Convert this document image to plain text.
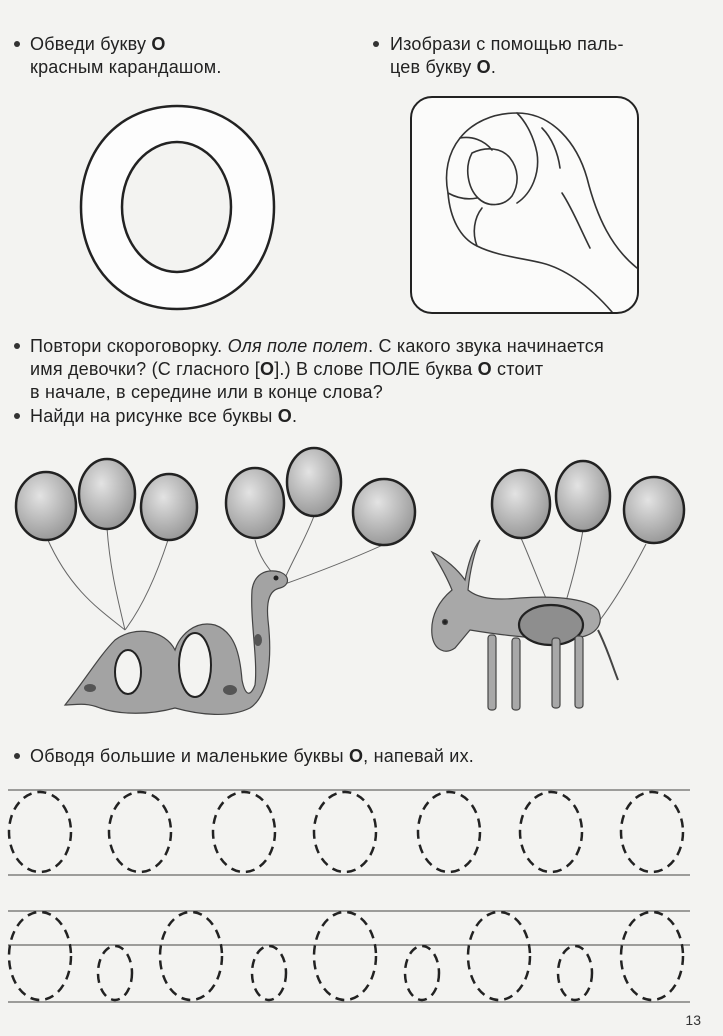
Обведи букву О
красным карандашом.
Изобрази с помощью паль-
цев букву О.
Повтори скороговорку. Оля поле полет. С какого звука начинается
имя девочки? (С гласного [О].) В слове ПОЛЕ буква О стоит
в начале, в середине или в конце слова?
Найди на рисунке все буквы О.
Обводя большие и маленькие буквы О, напевай их.
13
